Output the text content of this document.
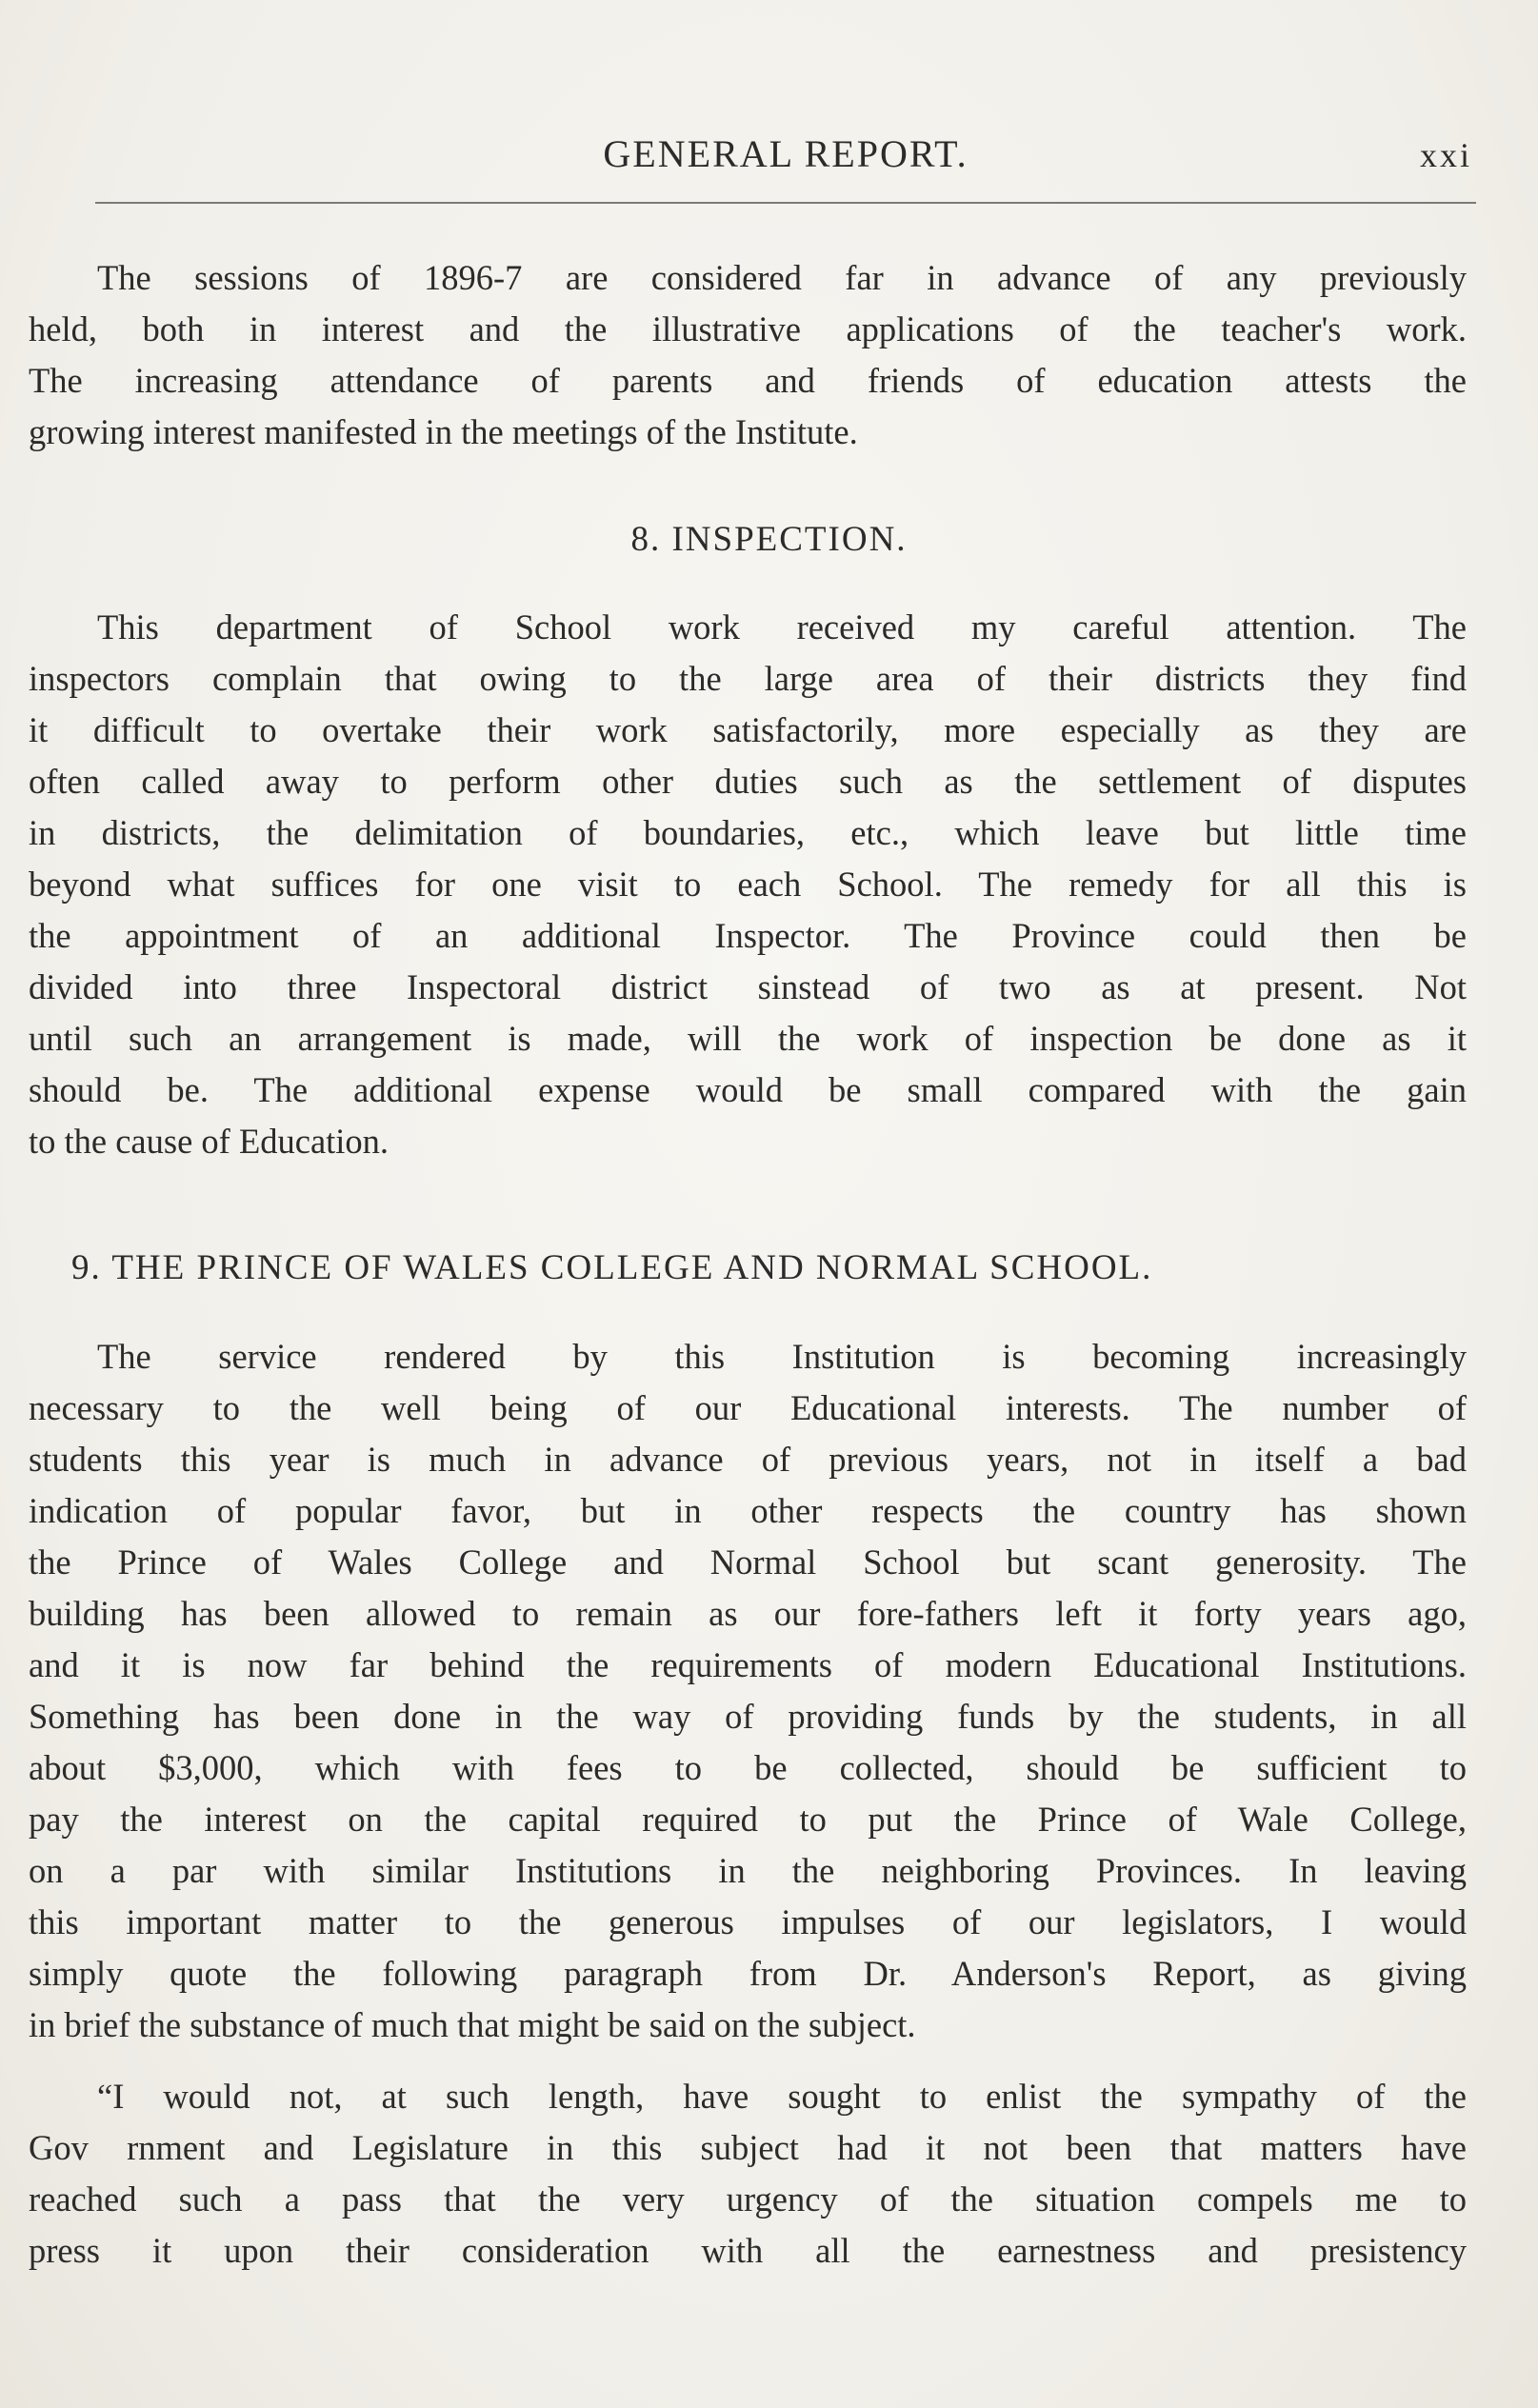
GENERAL REPORT.	xxi
The sessions of 1896-7 are considered far in advance of any previously
held, both in interest and the illustrative applications of the teacher's work.
The increasing attendance of parents and friends of education attests the
growing interest manifested in the meetings of the Institute.
8. INSPECTION.
This department of School work received my careful attention. The
inspectors complain that owing to the large area of their districts they find
it difficult to overtake their work satisfactorily, more especially as they are
often called away to perform other duties such as the settlement of disputes
in districts, the delimitation of boundaries, etc., which leave but little time
beyond what suffices for one visit to each School. The remedy for all this is
the appointment of an additional Inspector. The Province could then be
divided into three Inspectoral district sinstead of two as at present. Not
until such an arrangement is made, will the work of inspection be done as it
should be. The additional expense would be small compared with the gain
to the cause of Education.
9. THE PRINCE OF WALES COLLEGE AND NORMAL SCHOOL.
The service rendered by this Institution is becoming increasingly
necessary to the well being of our Educational interests. The number of
students this year is much in advance of previous years, not in itself a bad
indication of popular favor, but in other respects the country has shown
the Prince of Wales College and Normal School but scant generosity. The
building has been allowed to remain as our fore-fathers left it forty years ago,
and it is now far behind the requirements of modern Educational Institutions.
Something has been done in the way of providing funds by the students, in all
about $3,000, which with fees to be collected, should be sufficient to
pay the interest on the capital required to put the Prince of Wale College,
on a par with similar Institutions in the neighboring Provinces. In leaving
this important matter to the generous impulses of our legislators, I would
simply quote the following paragraph from Dr. Anderson's Report, as giving
in brief the substance of much that might be said on the subject.
“I would not, at such length, have sought to enlist the sympathy of the
Gov rnment and Legislature in this subject had it not been that matters have
reached such a pass that the very urgency of the situation compels me to
press it upon their consideration with all the earnestness and presistency
